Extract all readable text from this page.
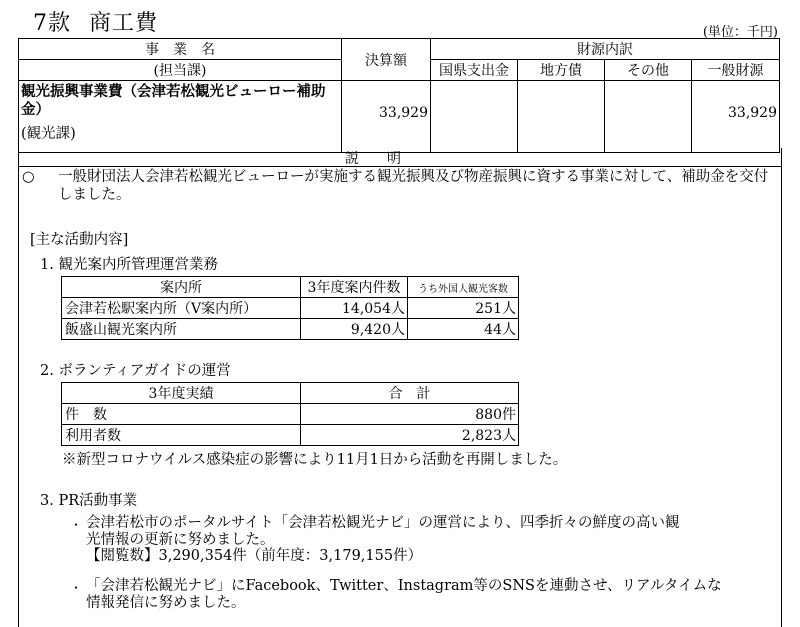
7款 商工費	(単位：千円)
事　業　名	決算額	財源内訳			
(担当課)		国県支出金	地方債	その他	一般財源

観光振興事業費（会津若松観光ビューロー補助金）
(観光課)	33,929				33,929
説　　明
○ 一般財団法人会津若松観光ビューローが実施する観光振興及び物産振興に資する事業に対して、補助金を交付しました。
[主な活動内容]
1. 観光案内所管理運営業務
案内所	3年度案内件数	うち外国人観光客数
会津若松駅案内所（V案内所）	14,054人	251人
飯盛山観光案内所	9,420人	44人
2. ボランティアガイドの運営
3年度実績	合　計
件　数	880件
利用者数	2,823人
※新型コロナウイルス感染症の影響により11月1日から活動を再開しました。
3. PR活動事業
・ 会津若松市のポータルサイト「会津若松観光ナビ」の運営により、四季折々の鮮度の高い観
光情報の更新に努めました。
【閲覧数】3,290,354件（前年度：3,179,155件）
・ 「会津若松観光ナビ」にFacebook、Twitter、Instagram等のSNSを連動させ、リアルタイムな
情報発信に努めました。
